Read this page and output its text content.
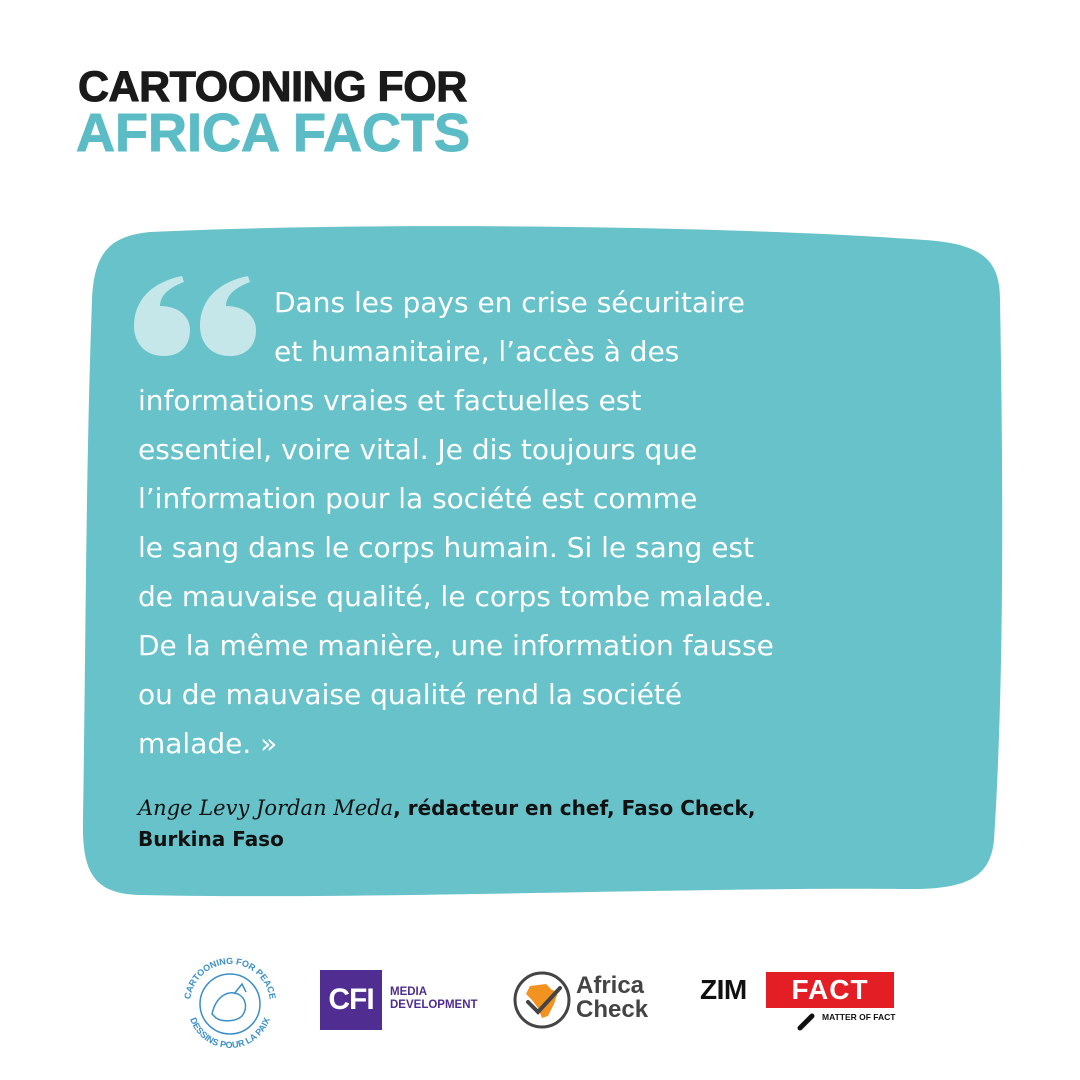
CARTOONING FOR
AFRICA FACTS
Dans les pays en crise sécuritaire
et humanitaire, l’accès à des
informations vraies et factuelles est
essentiel, voire vital. Je dis toujours que
l’information pour la société est comme
le sang dans le corps humain. Si le sang est
de mauvaise qualité, le corps tombe malade.
De la même manière, une information fausse
ou de mauvaise qualité rend la société
malade. »
Ange Levy Jordan Meda, rédacteur en chef, Faso Check,
Burkina Faso
CARTOONING FOR PEACE
DESSINS POUR LA PAIX
CFI	MEDIA
DEVELOPMENT
Africa
Check
ZIM	FACT
MATTER OF FACT
